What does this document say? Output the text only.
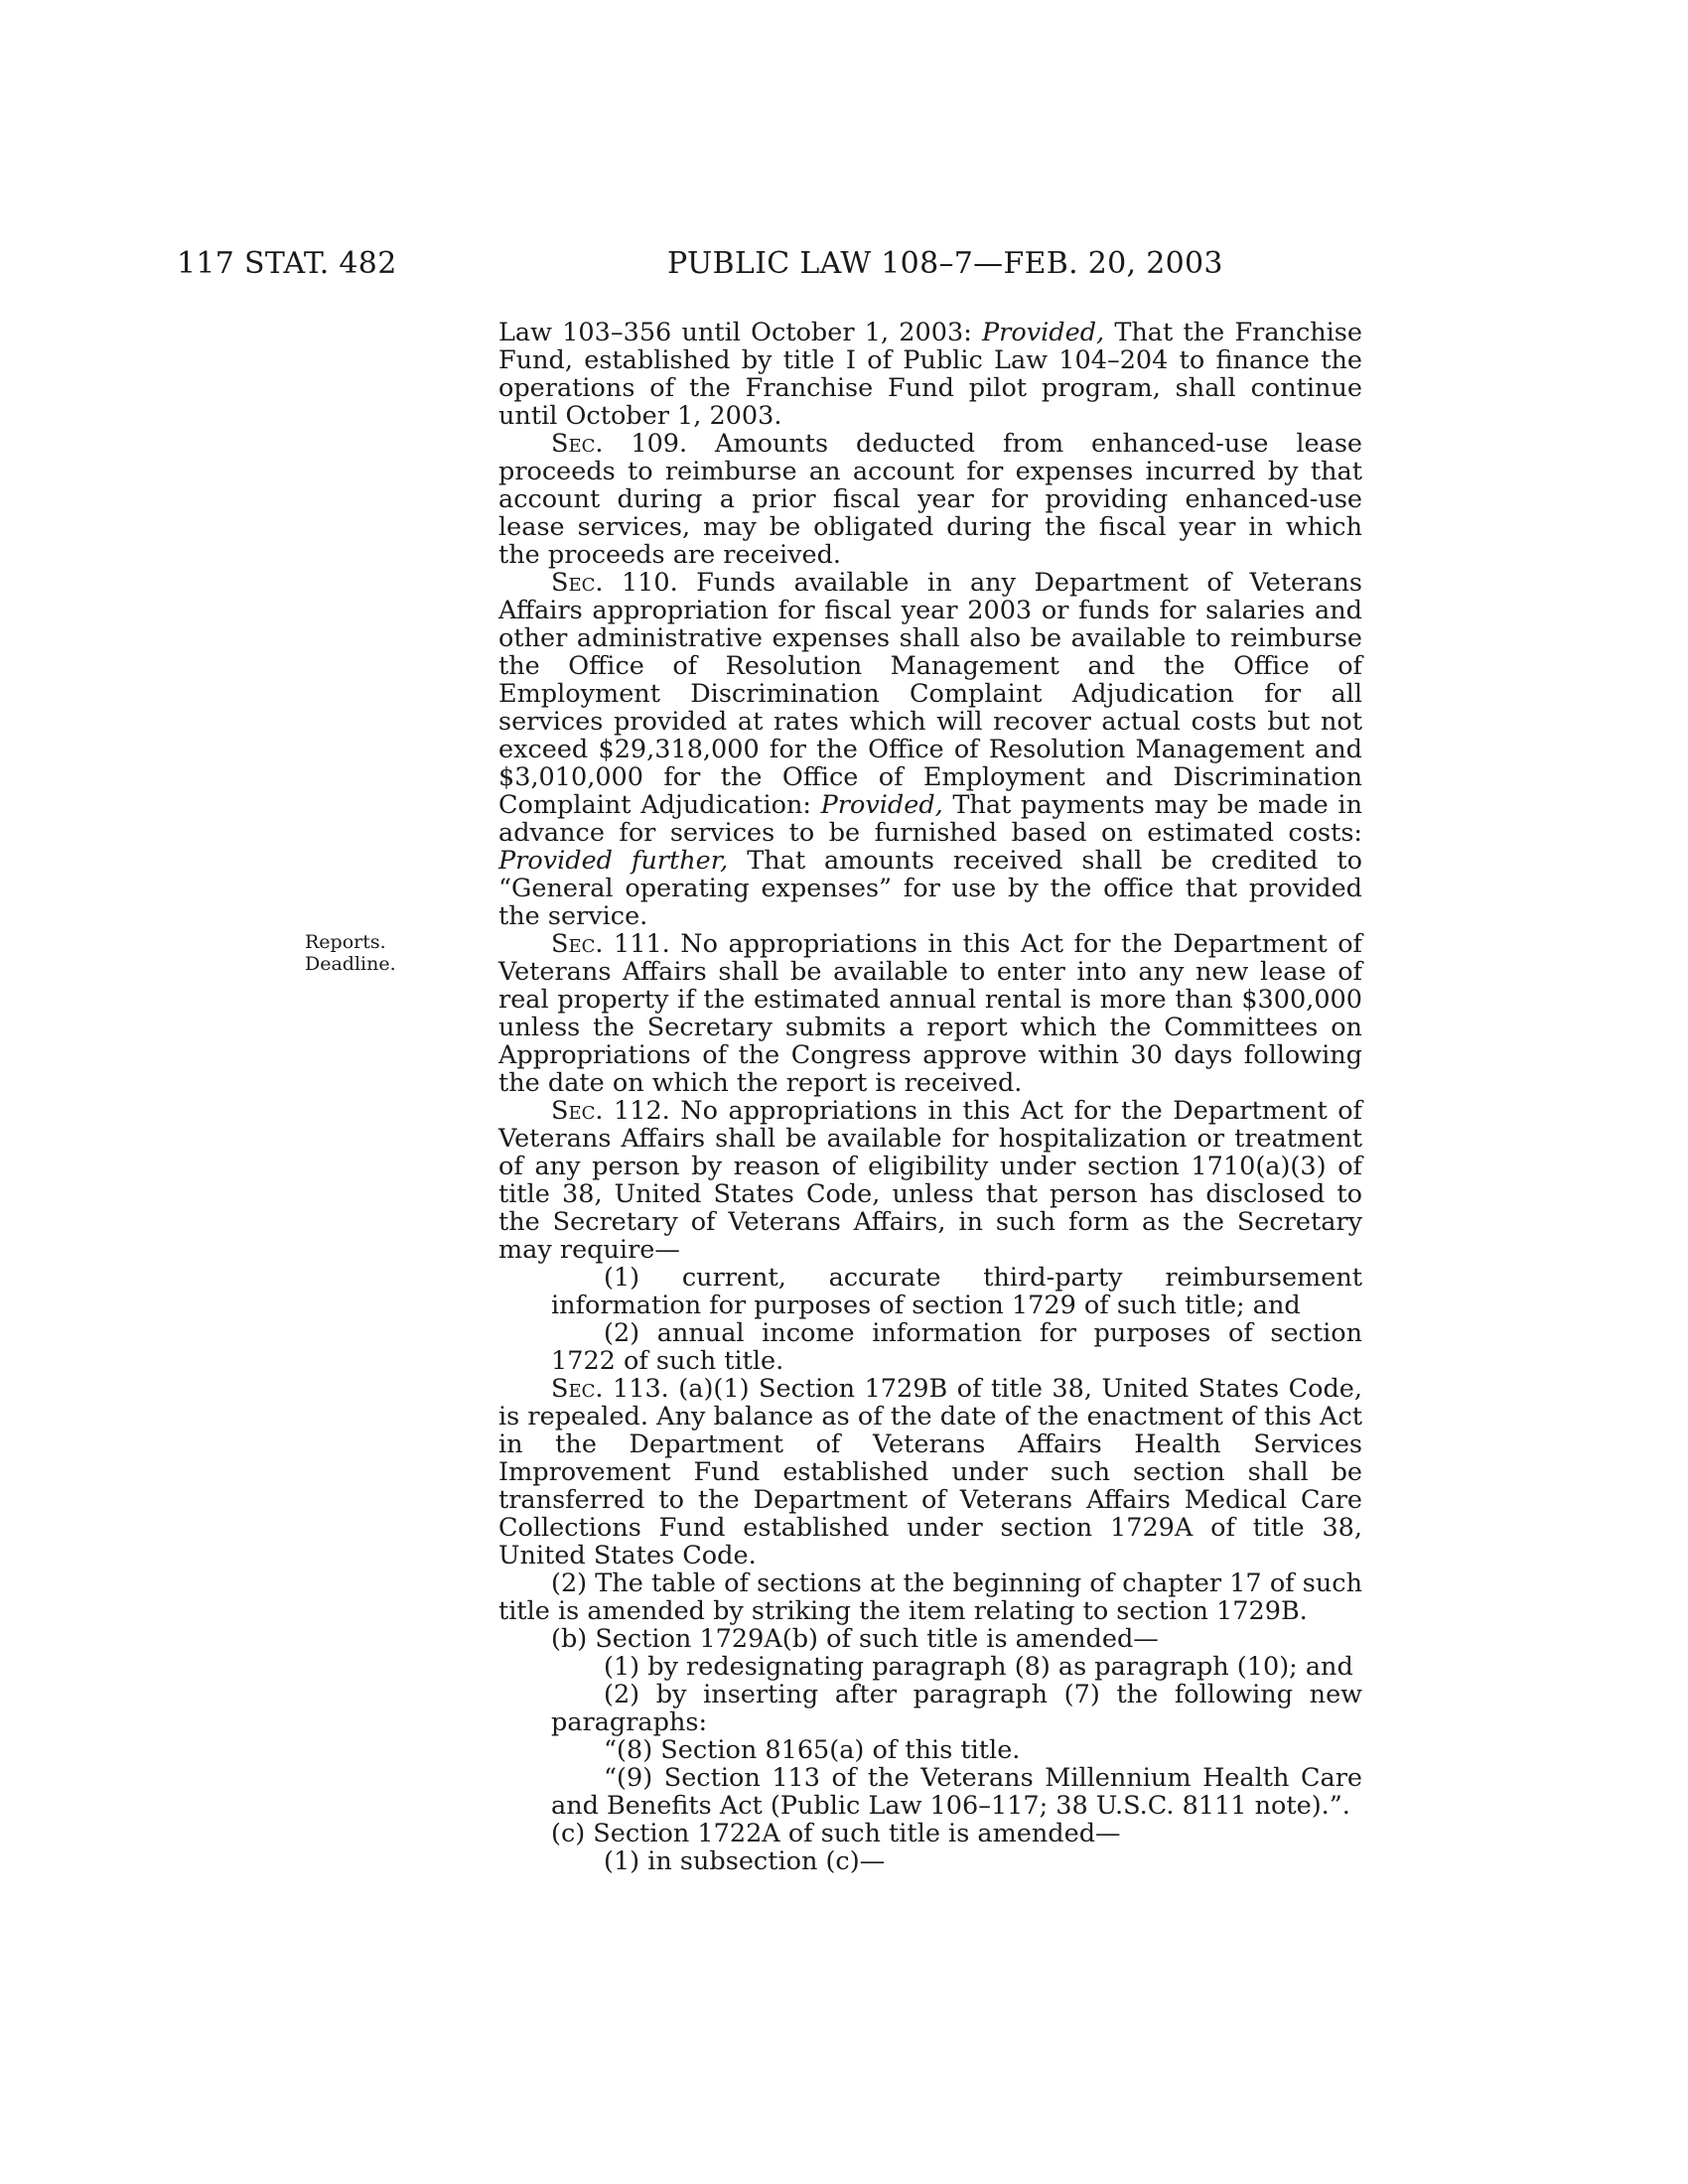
117 STAT. 482	PUBLIC LAW 108–7—FEB. 20, 2003
Reports.
Deadline.

Law 103–356 until October 1, 2003: Provided, That the Franchise Fund, established by title I of Public Law 104–204 to finance the operations of the Franchise Fund pilot program, shall continue until October 1, 2003.

Sec. 109. Amounts deducted from enhanced-use lease proceeds to reimburse an account for expenses incurred by that account during a prior fiscal year for providing enhanced-use lease services, may be obligated during the fiscal year in which the proceeds are received.

Sec. 110. Funds available in any Department of Veterans Affairs appropriation for fiscal year 2003 or funds for salaries and other administrative expenses shall also be available to reimburse the Office of Resolution Management and the Office of Employment Discrimination Complaint Adjudication for all services provided at rates which will recover actual costs but not exceed $29,318,000 for the Office of Resolution Management and $3,010,000 for the Office of Employment and Discrimination Complaint Adjudication: Provided, That payments may be made in advance for services to be furnished based on estimated costs: Provided further, That amounts received shall be credited to “General operating expenses” for use by the office that provided the service.

Sec. 111. No appropriations in this Act for the Department of Veterans Affairs shall be available to enter into any new lease of real property if the estimated annual rental is more than $300,000 unless the Secretary submits a report which the Committees on Appropriations of the Congress approve within 30 days following the date on which the report is received.

Sec. 112. No appropriations in this Act for the Department of Veterans Affairs shall be available for hospitalization or treatment of any person by reason of eligibility under section 1710(a)(3) of title 38, United States Code, unless that person has disclosed to the Secretary of Veterans Affairs, in such form as the Secretary may require—

(1) current, accurate third-party reimbursement information for purposes of section 1729 of such title; and

(2) annual income information for purposes of section 1722 of such title.

Sec. 113. (a)(1) Section 1729B of title 38, United States Code, is repealed. Any balance as of the date of the enactment of this Act in the Department of Veterans Affairs Health Services Improvement Fund established under such section shall be transferred to the Department of Veterans Affairs Medical Care Collections Fund established under section 1729A of title 38, United States Code.

(2) The table of sections at the beginning of chapter 17 of such title is amended by striking the item relating to section 1729B.

(b) Section 1729A(b) of such title is amended—

(1) by redesignating paragraph (8) as paragraph (10); and

(2) by inserting after paragraph (7) the following new paragraphs:

“(8) Section 8165(a) of this title.

“(9) Section 113 of the Veterans Millennium Health Care and Benefits Act (Public Law 106–117; 38 U.S.C. 8111 note).”.

(c) Section 1722A of such title is amended—

(1) in subsection (c)—
